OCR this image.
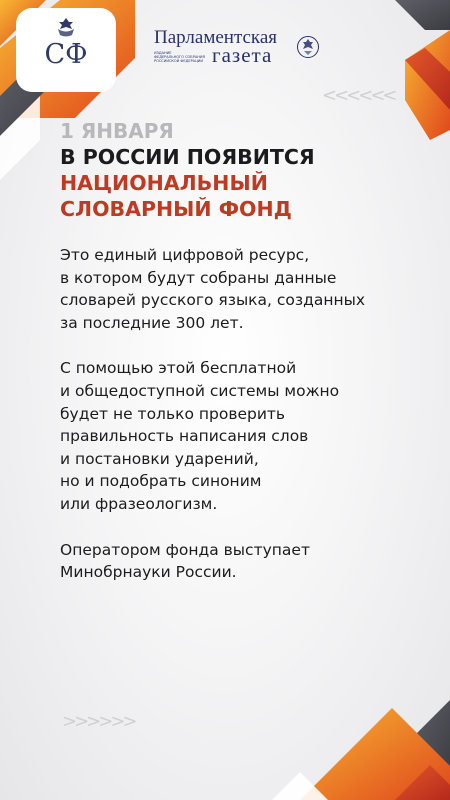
СФ
Парламентская
ИЗДАНИЕ
ФЕДЕРАЛЬНОГО СОБРАНИЯ
РОССИЙСКОЙ ФЕДЕРАЦИИ газета
<<<<<<
>>>>>>
1 ЯНВАРЯ
В РОССИИ ПОЯВИТСЯ
НАЦИОНАЛЬНЫЙ
СЛОВАРНЫЙ ФОНД
Это единый цифровой ресурс,
в котором будут собраны данные
словарей русского языка, созданных
за последние 300 лет.
С помощью этой бесплатной
и общедоступной системы можно
будет не только проверить
правильность написания слов
и постановки ударений,
но и подобрать синоним
или фразеологизм.
Оператором фонда выступает
Минобрнауки России.
